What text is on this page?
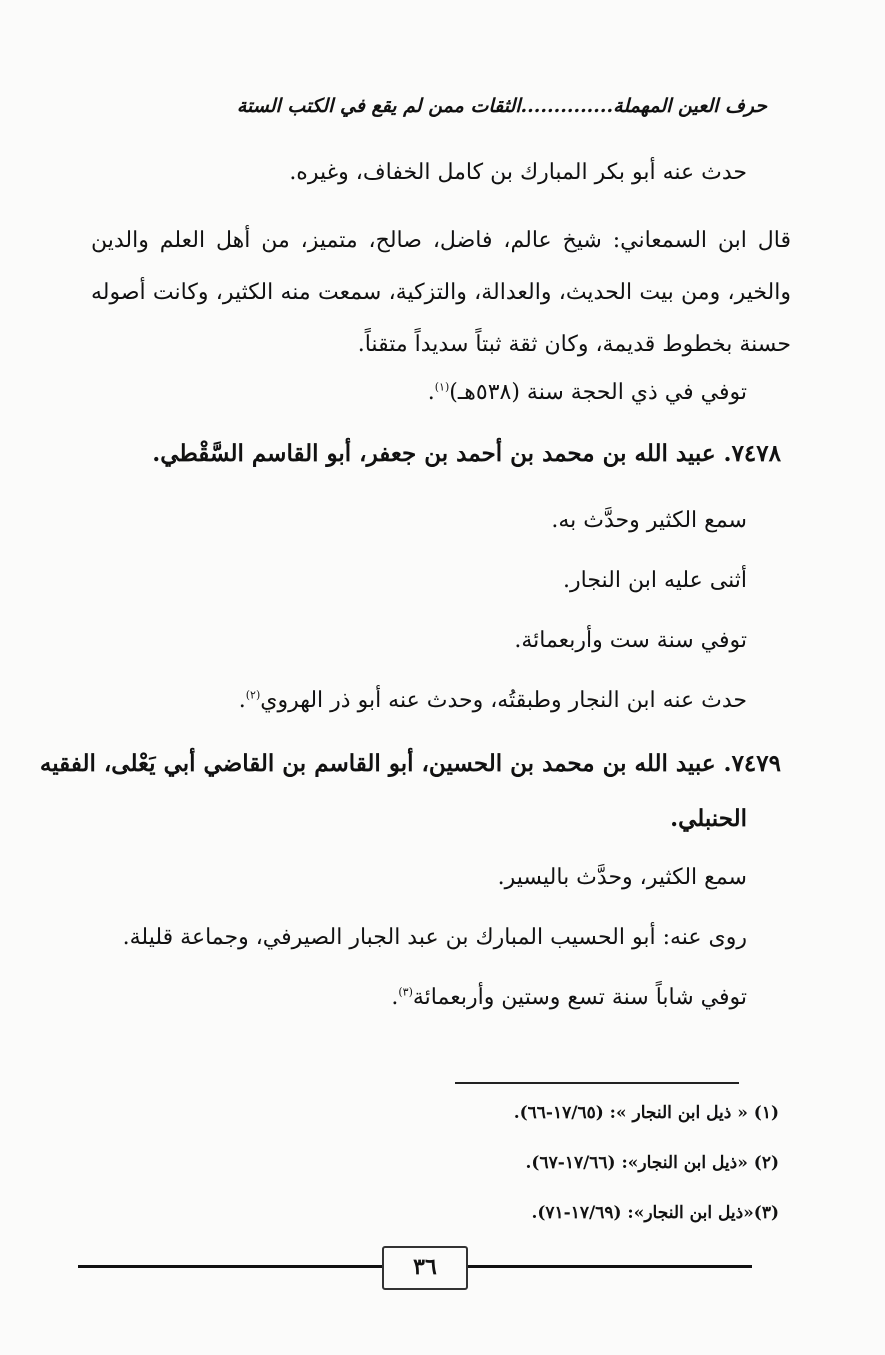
حرف العين المهملة..............الثقات ممن لم يقع في الكتب الستة
حدث عنه أبو بكر المبارك بن كامل الخفاف، وغيره.
قال ابن السمعاني: شيخ عالم، فاضل، صالح، متميز، من أهل العلم والدين والخير، ومن بيت الحديث، والعدالة، والتزكية، سمعت منه الكثير، وكانت أصوله حسنة بخطوط قديمة، وكان ثقة ثبتاً سديداً متقناً.
توفي في ذي الحجة سنة (٥٣٨هـ)$^{(١)}$.
٧٤٧٨. عبيد الله بن محمد بن أحمد بن جعفر، أبو القاسم السَّقْطي.
سمع الكثير وحدَّث به.
أثنى عليه ابن النجار.
توفي سنة ست وأربعمائة.
حدث عنه ابن النجار وطبقتُه، وحدث عنه أبو ذر الهروي$^{(٢)}$.
٧٤٧٩. عبيد الله بن محمد بن الحسين، أبو القاسم بن القاضي أبي يَعْلى، الفقيه
الحنبلي.
سمع الكثير، وحدَّث باليسير.
روى عنه: أبو الحسيب المبارك بن عبد الجبار الصيرفي، وجماعة قليلة.
توفي شاباً سنة تسع وستين وأربعمائة$^{(٣)}$.
(١) « ذيل ابن النجار »: (١٧/٦٥-٦٦).
(٢) «ذيل ابن النجار»: (١٧/٦٦-٦٧).
(٣)«ذيل ابن النجار»: (١٧/٦٩-٧١).
٣٦
